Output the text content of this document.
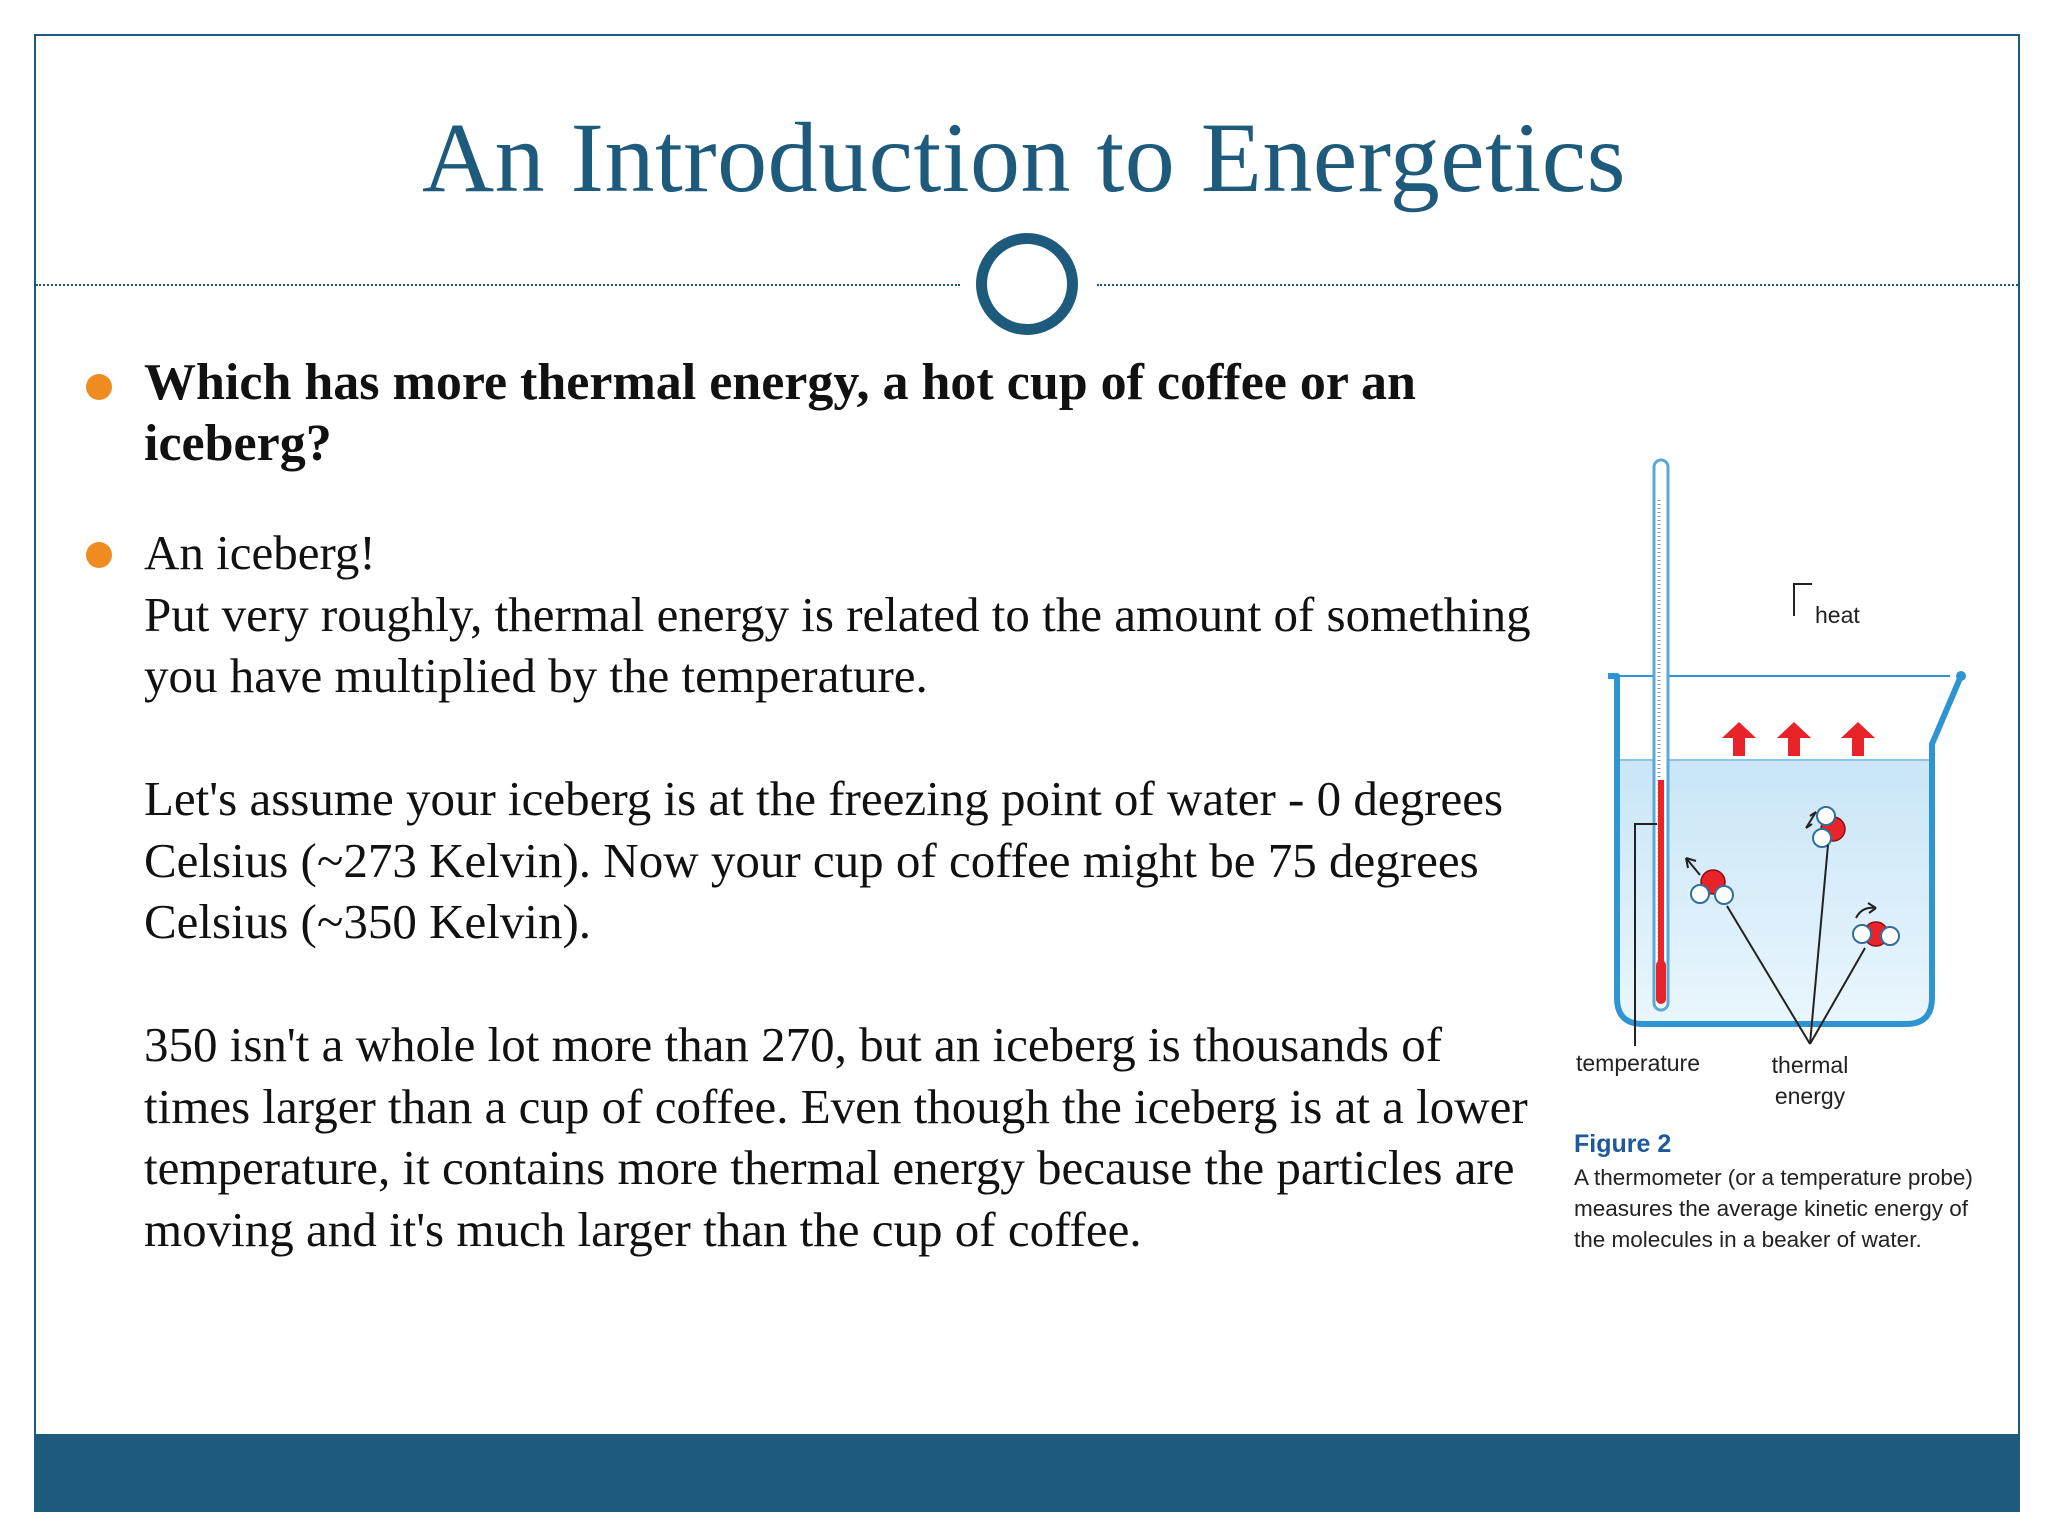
An Introduction to Energetics
Which has more thermal energy, a hot cup of coffee or an iceberg?
An iceberg!
Put very roughly, thermal energy is related to the amount of something you have multiplied by the temperature.
Let's assume your iceberg is at the freezing point of water - 0 degrees Celsius (~273 Kelvin). Now your cup of coffee might be 75 degrees Celsius (~350 Kelvin).
350 isn't a whole lot more than 270, but an iceberg is thousands of times larger than a cup of coffee. Even though the iceberg is at a lower temperature, it contains more thermal energy because the particles are moving and it's much larger than the cup of coffee.
heat
temperature	thermal energy
Figure 2
A thermometer (or a temperature probe) measures the average kinetic energy of the molecules in a beaker of water.
